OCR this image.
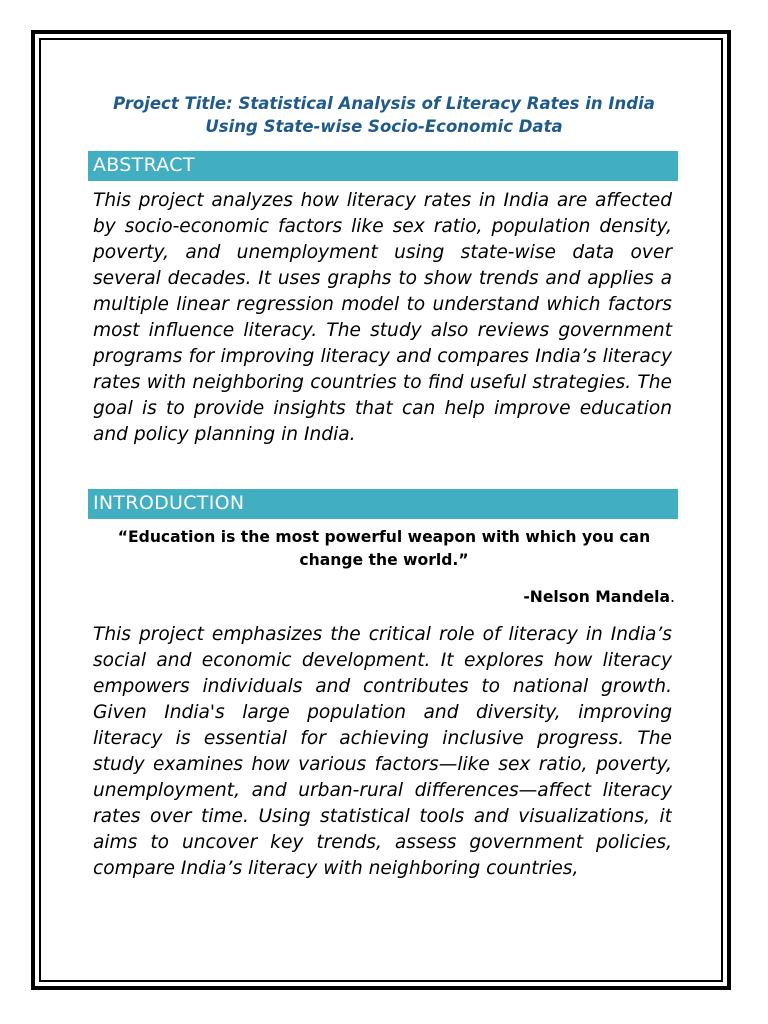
Project Title: Statistical Analysis of Literacy Rates in India Using State-wise Socio-Economic Data
ABSTRACT

This project analyzes how literacy rates in India are affected by socio-economic factors like sex ratio, population density, poverty, and unemployment using state-wise data over several decades. It uses graphs to show trends and applies a multiple linear regression model to understand which factors most influence literacy. The study also reviews government programs for improving literacy and compares India’s literacy rates with neighboring countries to find useful strategies. The goal is to provide insights that can help improve education and policy planning in India.

INTRODUCTION

“Education is the most powerful weapon with which you can change the world.”

-Nelson Mandela.

This project emphasizes the critical role of literacy in India’s social and economic development. It explores how literacy empowers individuals and contributes to national growth. Given India's large population and diversity, improving literacy is essential for achieving inclusive progress. The study examines how various factors—like sex ratio, poverty, unemployment, and urban-rural differences—affect literacy rates over time. Using statistical tools and visualizations, it aims to uncover key trends, assess government policies, compare India’s literacy with neighboring countries,
